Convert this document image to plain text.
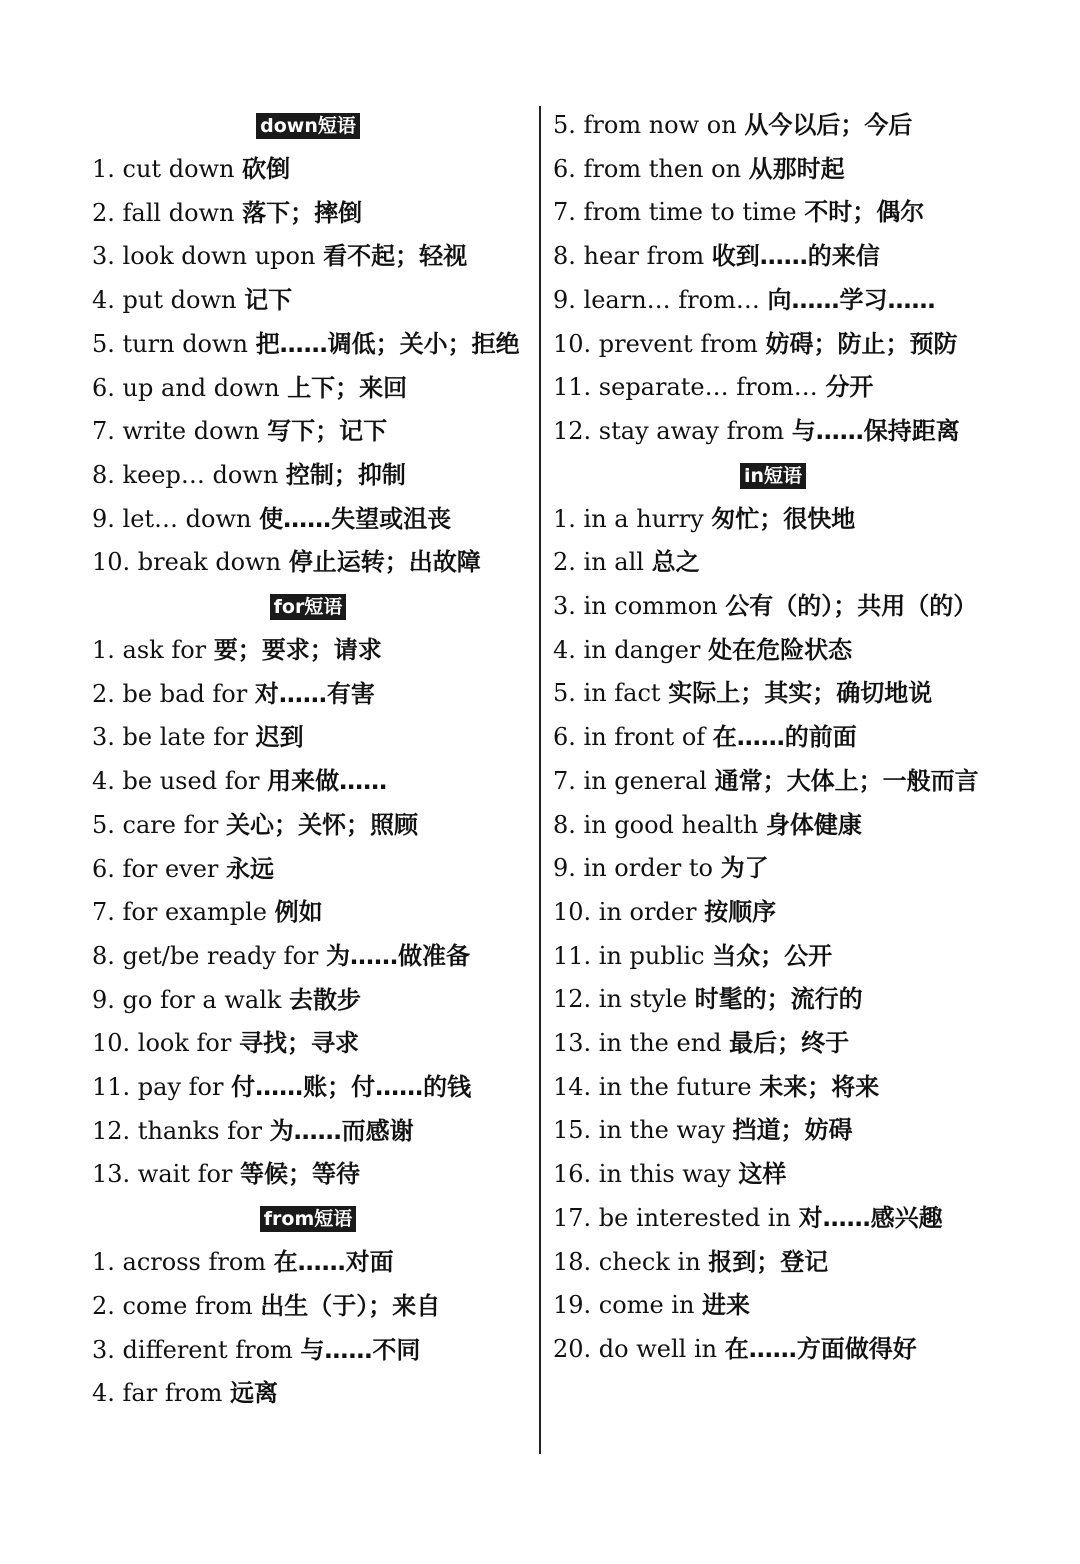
down短语
1. cut down 砍倒
2. fall down 落下；摔倒
3. look down upon 看不起；轻视
4. put down 记下
5. turn down 把……调低；关小；拒绝
6. up and down 上下；来回
7. write down 写下；记下
8. keep… down 控制；抑制
9. let… down 使……失望或沮丧
10. break down 停止运转；出故障
for短语
1. ask for 要；要求；请求
2. be bad for 对……有害
3. be late for 迟到
4. be used for 用来做……
5. care for 关心；关怀；照顾
6. for ever 永远
7. for example 例如
8. get/be ready for 为……做准备
9. go for a walk 去散步
10. look for 寻找；寻求
11. pay for 付……账；付……的钱
12. thanks for 为……而感谢
13. wait for 等候；等待
from短语
1. across from 在……对面
2. come from 出生（于）；来自
3. different from 与……不同
4. far from 远离
5. from now on 从今以后；今后
6. from then on 从那时起
7. from time to time 不时；偶尔
8. hear from 收到……的来信
9. learn… from… 向……学习……
10. prevent from 妨碍；防止；预防
11. separate… from… 分开
12. stay away from 与……保持距离
in短语
1. in a hurry 匆忙；很快地
2. in all 总之
3. in common 公有（的）；共用（的）
4. in danger 处在危险状态
5. in fact 实际上；其实；确切地说
6. in front of 在……的前面
7. in general 通常；大体上；一般而言
8. in good health 身体健康
9. in order to 为了
10. in order 按顺序
11. in public 当众；公开
12. in style 时髦的；流行的
13. in the end 最后；终于
14. in the future 未来；将来
15. in the way 挡道；妨碍
16. in this way 这样
17. be interested in 对……感兴趣
18. check in 报到；登记
19. come in 进来
20. do well in 在……方面做得好
